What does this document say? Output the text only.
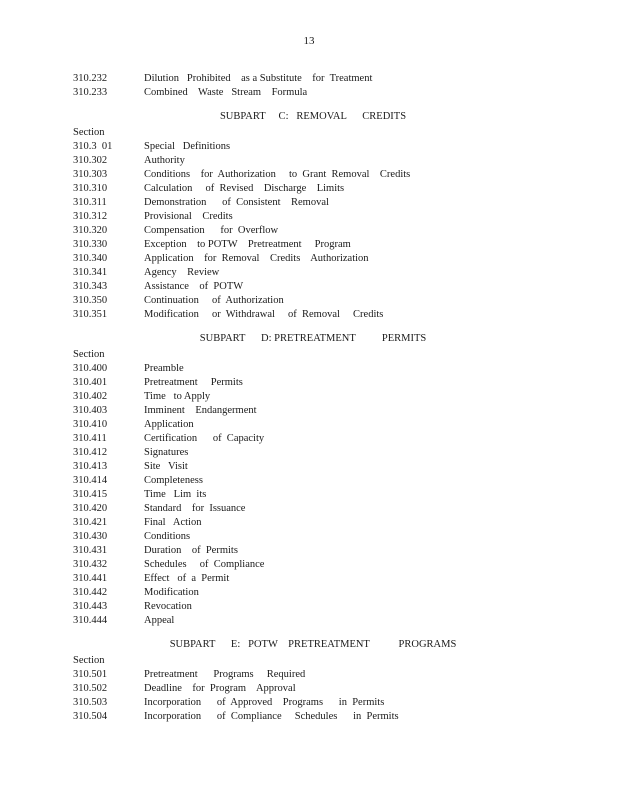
13
310.232	Dilution   Prohibited    as a Substitute    for  Treatment
310.233	Combined    Waste   Stream    Formula
SUBPART     C:   REMOVAL      CREDITS
Section
310.3  01	Special   Definitions
310.302	Authority
310.303	Conditions    for  Authorization     to  Grant  Removal    Credits
310.310	Calculation     of  Revised    Discharge    Limits
310.311	Demonstration      of  Consistent    Removal
310.312	Provisional    Credits
310.320	Compensation      for  Overflow
310.330	Exception    to POTW    Pretreatment     Program
310.340	Application    for  Removal    Credits    Authorization
310.341	Agency    Review
310.343	Assistance    of  POTW
310.350	Continuation     of  Authorization
310.351	Modification     or  Withdrawal     of  Removal     Credits
SUBPART      D: PRETREATMENT          PERMITS
Section
310.400	Preamble
310.401	Pretreatment     Permits
310.402	Time   to Apply
310.403	Imminent    Endangerment
310.410	Application
310.411	Certification      of  Capacity
310.412	Signatures
310.413	Site   Visit
310.414	Completeness
310.415	Time   Lim  its
310.420	Standard    for  Issuance
310.421	Final   Action
310.430	Conditions
310.431	Duration    of  Permits
310.432	Schedules     of  Compliance
310.441	Effect   of  a  Permit
310.442	Modification
310.443	Revocation
310.444	Appeal
SUBPART      E:   POTW    PRETREATMENT           PROGRAMS
Section
310.501	Pretreatment      Programs     Required
310.502	Deadline    for  Program    Approval
310.503	Incorporation      of  Approved    Programs      in  Permits
310.504	Incorporation      of  Compliance     Schedules      in  Permits
